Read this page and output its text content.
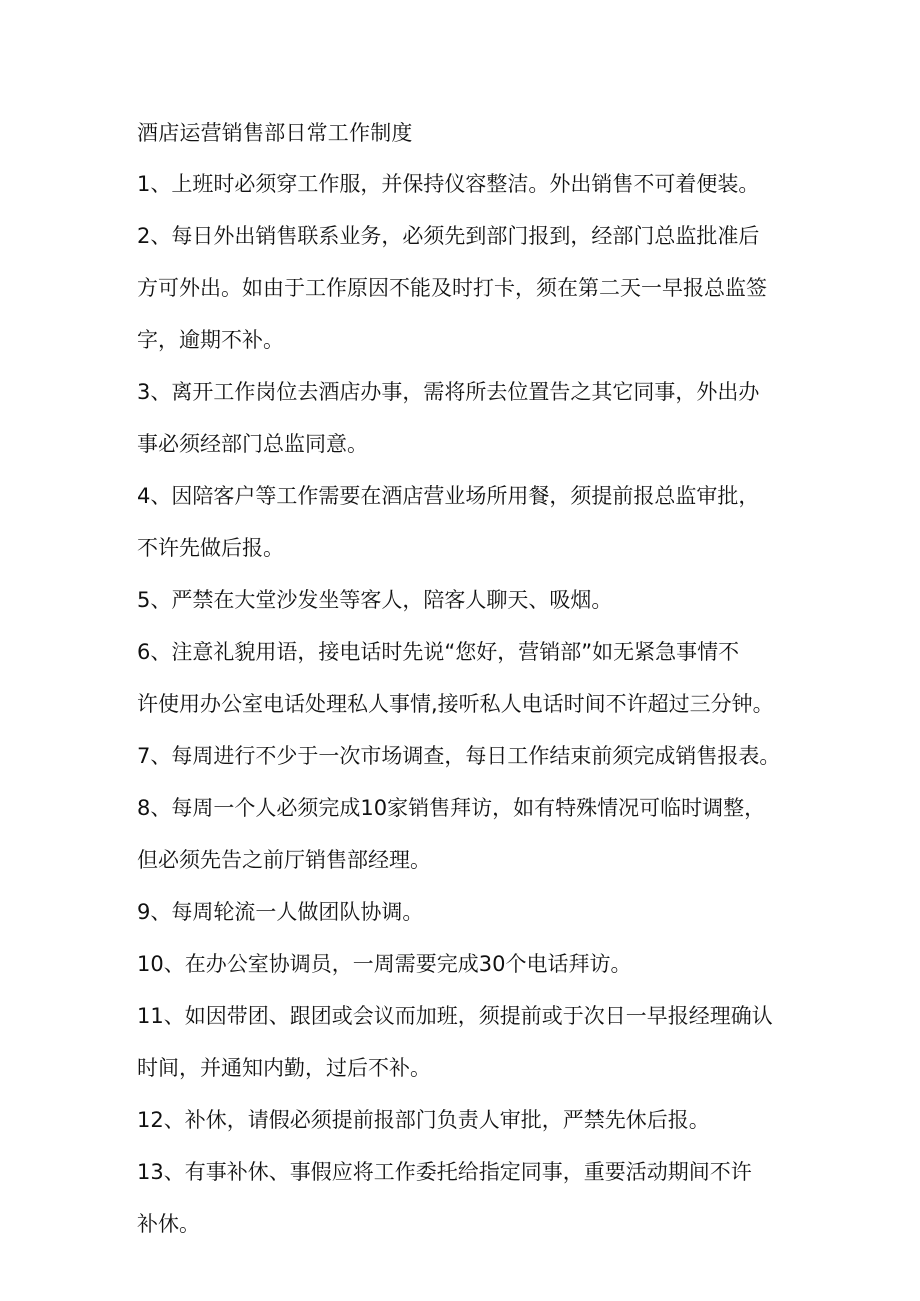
酒店运营销售部日常工作制度
1、上班时必须穿工作服，并保持仪容整洁。外出销售不可着便装。
2、每日外出销售联系业务，必须先到部门报到，经部门总监批准后
方可外出。如由于工作原因不能及时打卡，须在第二天一早报总监签
字，逾期不补。
3、离开工作岗位去酒店办事，需将所去位置告之其它同事，外出办
事必须经部门总监同意。
4、因陪客户等工作需要在酒店营业场所用餐，须提前报总监审批，
不许先做后报。
5、严禁在大堂沙发坐等客人，陪客人聊天、吸烟。
6、注意礼貌用语，接电话时先说“您好，营销部”如无紧急事情不
许使用办公室电话处理私人事情,接听私人电话时间不许超过三分钟。
7、每周进行不少于一次市场调查，每日工作结束前须完成销售报表。
8、每周一个人必须完成10家销售拜访，如有特殊情况可临时调整，
但必须先告之前厅销售部经理。
9、每周轮流一人做团队协调。
10、在办公室协调员，一周需要完成30个电话拜访。
11、如因带团、跟团或会议而加班，须提前或于次日一早报经理确认
时间，并通知内勤，过后不补。
12、补休，请假必须提前报部门负责人审批，严禁先休后报。
13、有事补休、事假应将工作委托给指定同事，重要活动期间不许
补休。
